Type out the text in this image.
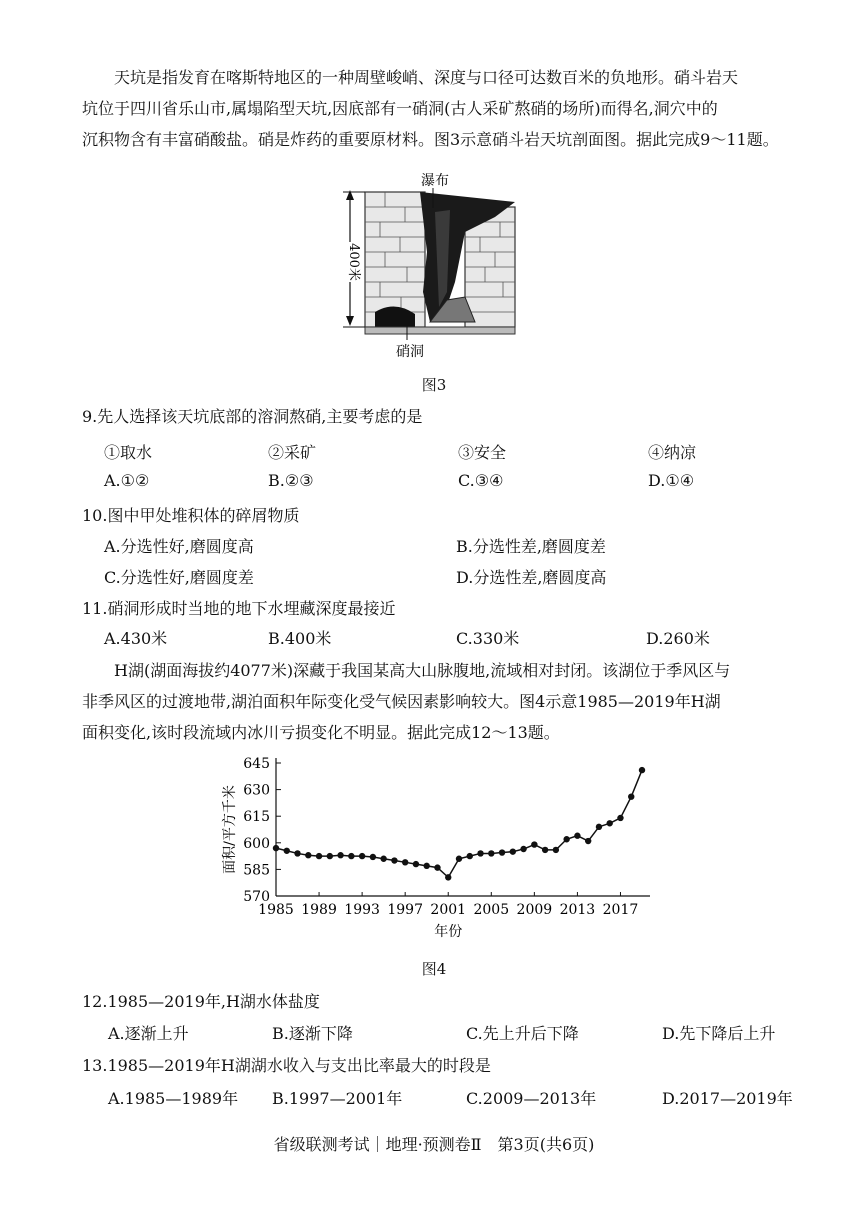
　　天坑是指发育在喀斯特地区的一种周壁峻峭、深度与口径可达数百米的负地形。硝斗岩天
坑位于四川省乐山市,属塌陷型天坑,因底部有一硝洞(古人采矿熬硝的场所)而得名,洞穴中的
沉积物含有丰富硝酸盐。硝是炸药的重要原材料。图3示意硝斗岩天坑剖面图。据此完成9～11题。
400米
瀑布
硝洞
图3
9.先人选择该天坑底部的溶洞熬硝,主要考虑的是
①取水	②采矿	③安全	④纳凉
A.①②	B.②③	C.③④	D.①④
10.图中甲处堆积体的碎屑物质
A.分选性好,磨圆度高	B.分选性差,磨圆度差
C.分选性好,磨圆度差	D.分选性差,磨圆度高
11.硝洞形成时当地的地下水埋藏深度最接近
A.430米	B.400米	C.330米	D.260米
　　H湖(湖面海拔约4077米)深藏于我国某高大山脉腹地,流域相对封闭。该湖位于季风区与
非季风区的过渡地带,湖泊面积年际变化受气候因素影响较大。图4示意1985—2019年H湖
面积变化,该时段流域内冰川亏损变化不明显。据此完成12～13题。
570
585
600
615
630
645
1985 1989 1993 1997 2001 2005 2009 2013 2017
面积/平方千米
年份
图4
12.1985—2019年,H湖水体盐度
A.逐渐上升	B.逐渐下降	C.先上升后下降	D.先下降后上升
13.1985—2019年H湖湖水收入与支出比率最大的时段是
A.1985—1989年 B.1997—2001年	C.2009—2013年	D.2017—2019年
省级联测考试｜地理·预测卷Ⅱ　第3页(共6页)
